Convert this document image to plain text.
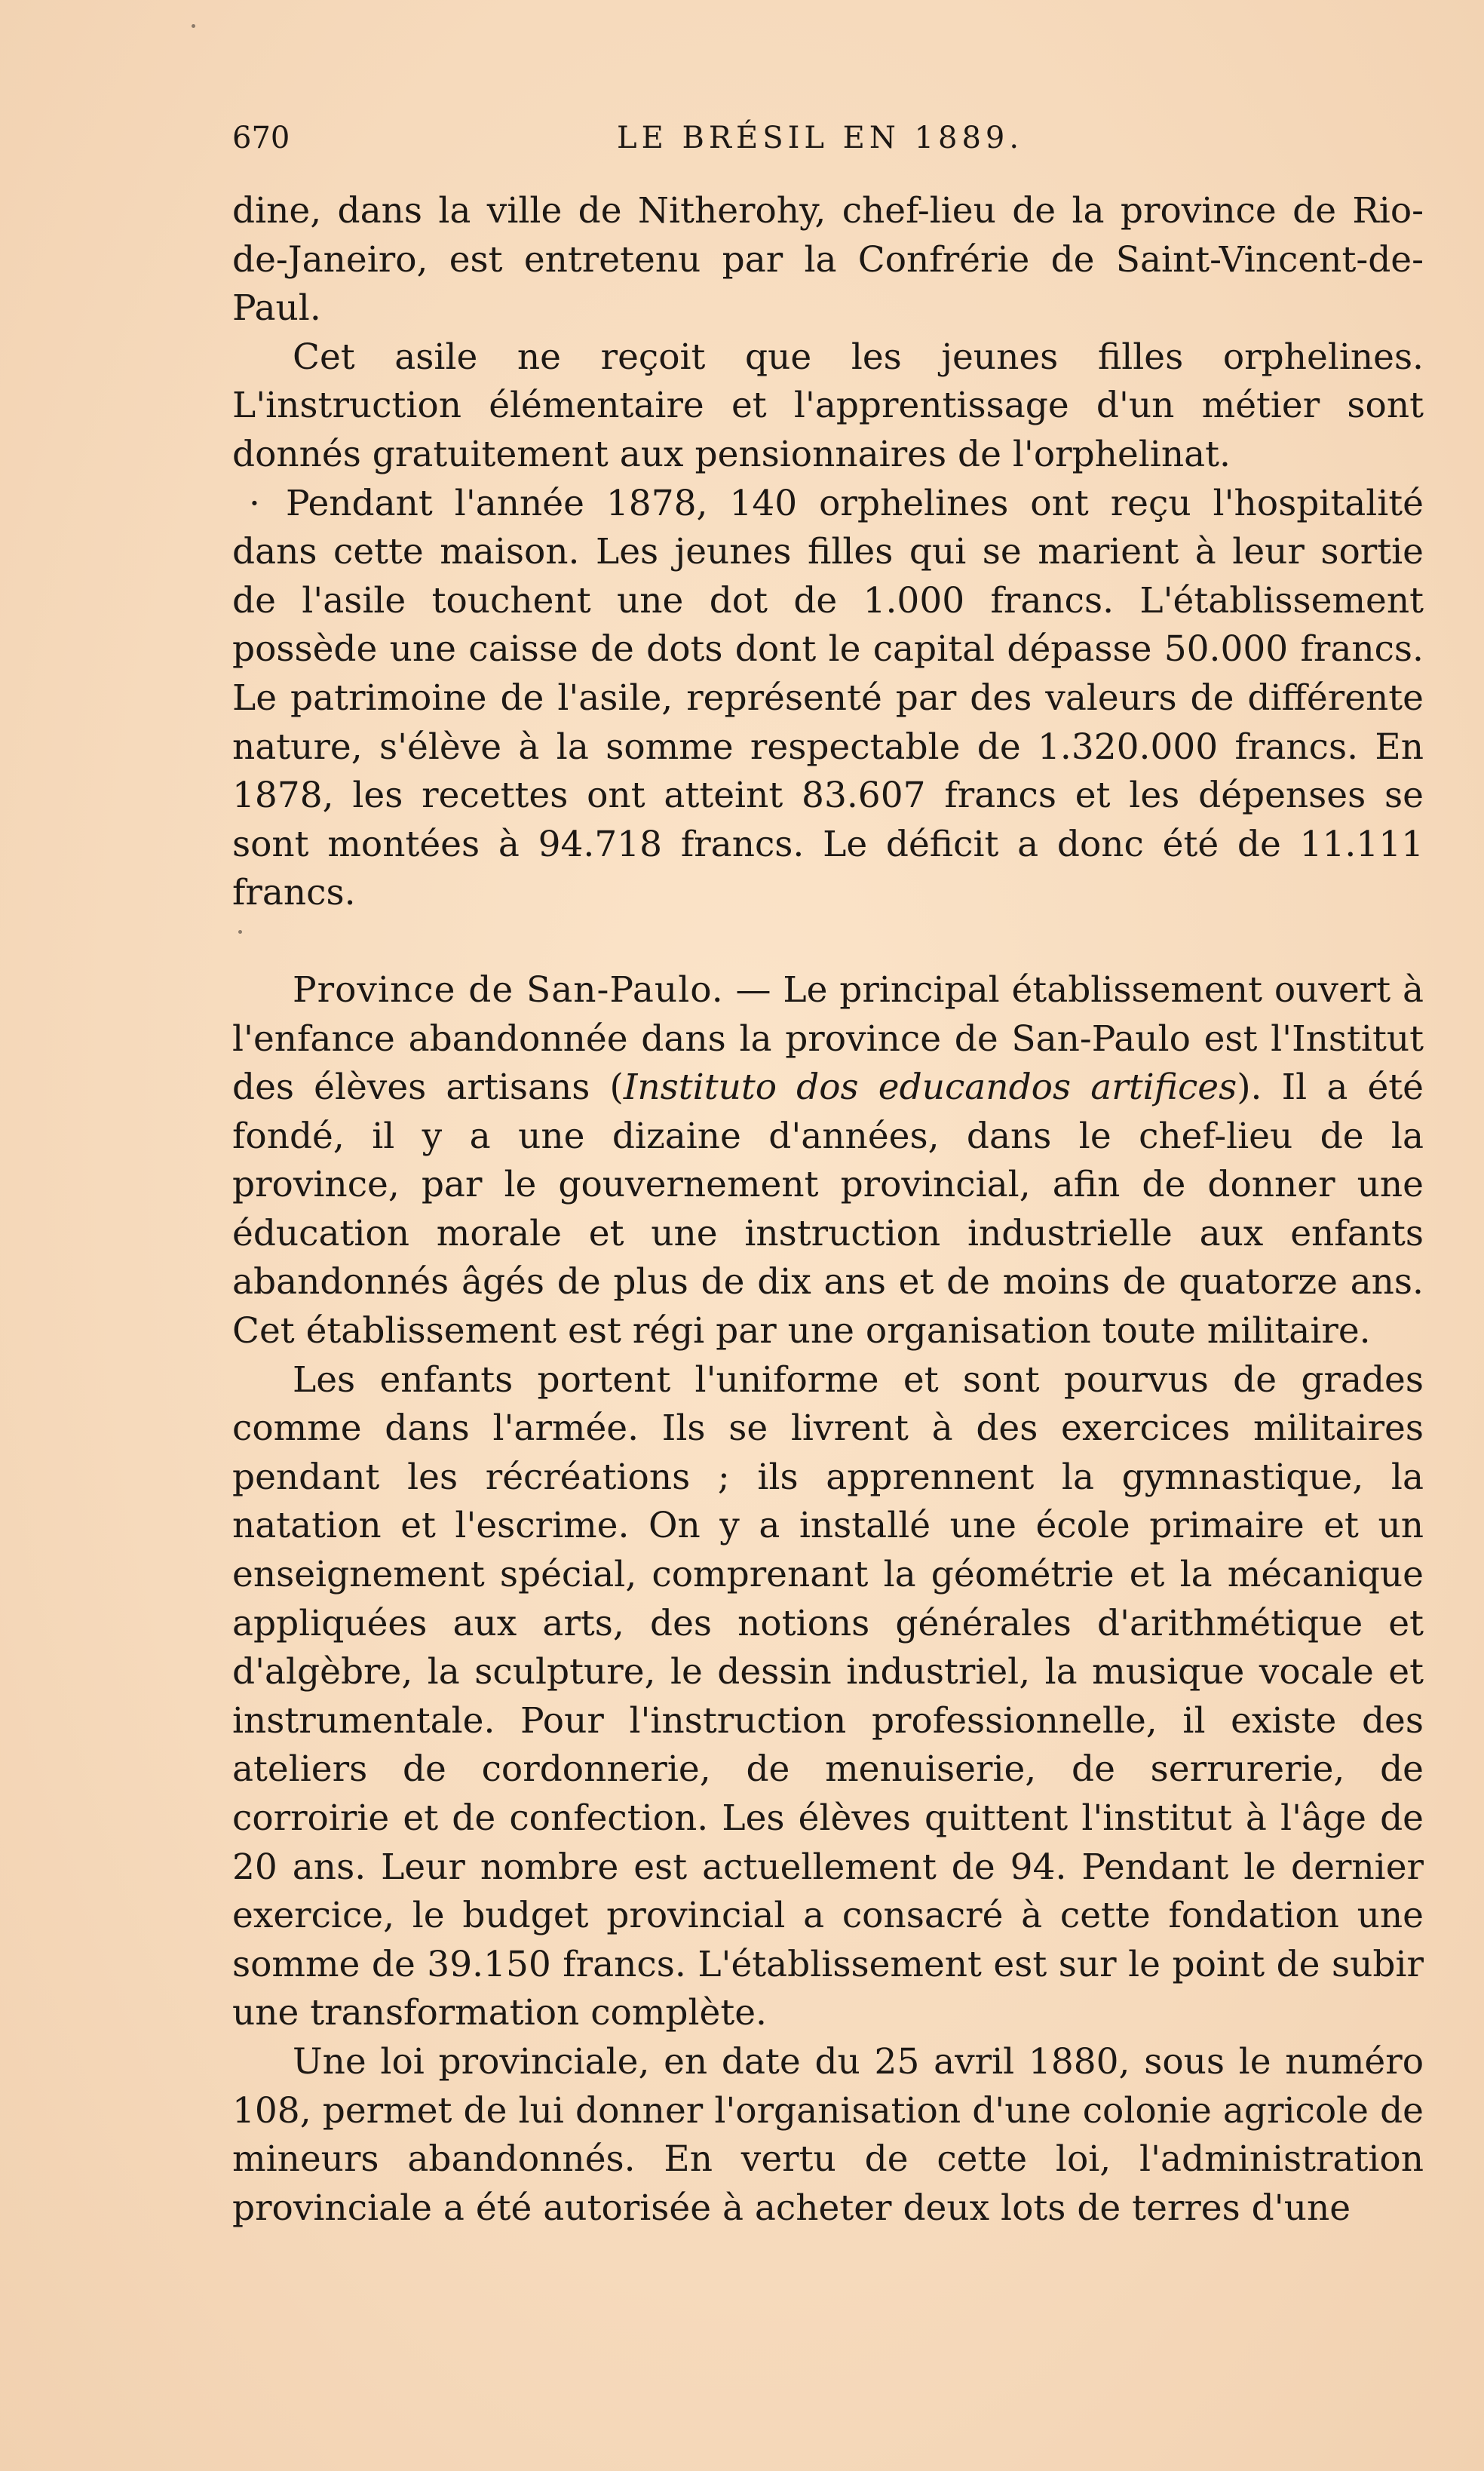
670	LE BRÉSIL EN 1889.

dine, dans la ville de Nitherohy, chef-lieu de la province de Rio-de-Janeiro, est entretenu par la Confrérie de Saint-Vincent-de-Paul.

Cet asile ne reçoit que les jeunes filles orphelines. L'instruction élémentaire et l'apprentissage d'un métier sont donnés gratuitement aux pensionnaires de l'orphelinat.

· Pendant l'année 1878, 140 orphelines ont reçu l'hospitalité dans cette maison. Les jeunes filles qui se marient à leur sortie de l'asile touchent une dot de 1.000 francs. L'établissement possède une caisse de dots dont le capital dépasse 50.000 francs. Le patrimoine de l'asile, représenté par des valeurs de différente nature, s'élève à la somme respectable de 1.320.000 francs. En 1878, les recettes ont atteint 83.607 francs et les dépenses se sont montées à 94.718 francs. Le déficit a donc été de 11.111 francs.

Province de San-Paulo. — Le principal établissement ouvert à l'enfance abandonnée dans la province de San-Paulo est l'Institut des élèves artisans (Instituto dos educandos artifices). Il a été fondé, il y a une dizaine d'années, dans le chef-lieu de la province, par le gouvernement provincial, afin de donner une éducation morale et une instruction industrielle aux enfants abandonnés âgés de plus de dix ans et de moins de quatorze ans. Cet établissement est régi par une organisation toute militaire.

Les enfants portent l'uniforme et sont pourvus de grades comme dans l'armée. Ils se livrent à des exercices militaires pendant les récréations ; ils apprennent la gymnastique, la natation et l'escrime. On y a installé une école primaire et un enseignement spécial, comprenant la géométrie et la mécanique appliquées aux arts, des notions générales d'arithmétique et d'algèbre, la sculpture, le dessin industriel, la musique vocale et instrumentale. Pour l'instruction professionnelle, il existe des ateliers de cordonnerie, de menuiserie, de serrurerie, de corroirie et de confection. Les élèves quittent l'institut à l'âge de 20 ans. Leur nombre est actuellement de 94. Pendant le dernier exercice, le budget provincial a consacré à cette fondation une somme de 39.150 francs. L'établissement est sur le point de subir une transformation complète.

Une loi provinciale, en date du 25 avril 1880, sous le numéro 108, permet de lui donner l'organisation d'une colonie agricole de mineurs abandonnés. En vertu de cette loi, l'administration provinciale a été autorisée à acheter deux lots de terres d'une
